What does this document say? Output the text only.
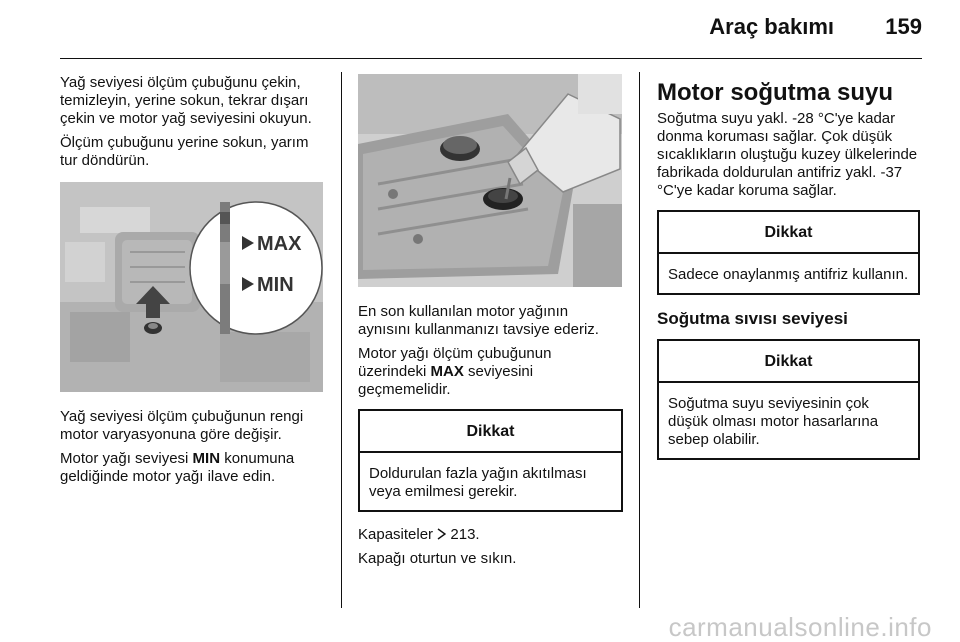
Araç bakımı 159

Yağ seviyesi ölçüm çubuğunu çekin, temizleyin, yerine sokun, tekrar dışarı çekin ve motor yağ seviyesini okuyun.

Ölçüm çubuğunu yerine sokun, yarım tur döndürün.

MAX
MIN

Yağ seviyesi ölçüm çubuğunun rengi motor varyasyonuna göre değişir.

Motor yağı seviyesi MIN konumuna geldiğinde motor yağı ilave edin.

En son kullanılan motor yağının aynısını kullanmanızı tavsiye ederiz.

Motor yağı ölçüm çubuğunun üzerindeki MAX seviyesini geçmemelidir.

Dikkat
Doldurulan fazla yağın akıtılması veya emilmesi gerekir.

Kapasiteler  213.

Kapağı oturtun ve sıkın.

Motor soğutma suyu

Soğutma suyu yakl. -28 °C'ye kadar donma koruması sağlar. Çok düşük sıcaklıkların oluştuğu kuzey ülkelerinde fabrikada doldurulan antifriz yakl. -37 °C'ye kadar koruma sağlar.

Dikkat
Sadece onaylanmış antifriz kullanın.
Soğutma sıvısı seviyesi
Dikkat
Soğutma suyu seviyesinin çok düşük olması motor hasarlarına sebep olabilir.
carmanualsonline.info
